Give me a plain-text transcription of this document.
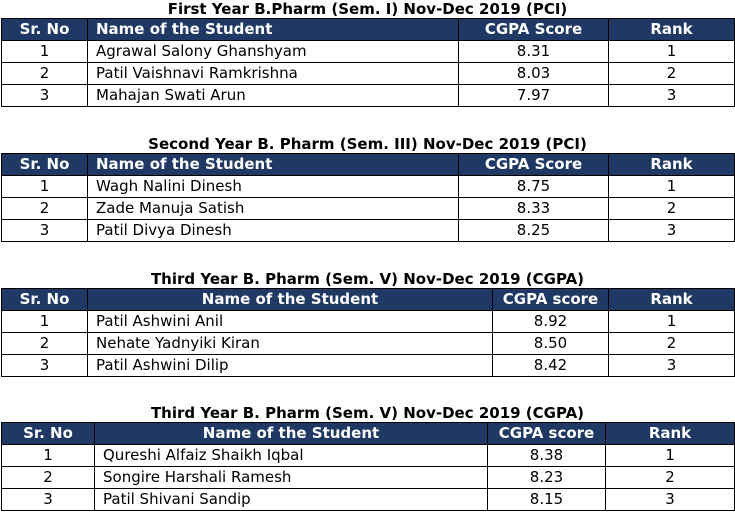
First Year B.Pharm (Sem. I) Nov-Dec 2019 (PCI)
Sr. No	Name of the Student	CGPA Score	Rank
1	Agrawal Salony Ghanshyam	8.31	1
2	Patil Vaishnavi Ramkrishna	8.03	2
3	Mahajan Swati Arun	7.97	3
Second Year B. Pharm (Sem. III) Nov-Dec 2019 (PCI)
Sr. No	Name of the Student	CGPA Score	Rank
1	Wagh Nalini Dinesh	8.75	1
2	Zade Manuja Satish	8.33	2
3	Patil Divya Dinesh	8.25	3
Third Year B. Pharm (Sem. V) Nov-Dec 2019 (CGPA)
Sr. No	Name of the Student	CGPA score	Rank
1	Patil Ashwini Anil	8.92	1
2	Nehate Yadnyiki Kiran	8.50	2
3	Patil Ashwini Dilip	8.42	3
Third Year B. Pharm (Sem. V) Nov-Dec 2019 (CGPA)
Sr. No	Name of the Student	CGPA score	Rank
1	Qureshi Alfaiz Shaikh Iqbal	8.38	1
2	Songire Harshali Ramesh	8.23	2
3	Patil Shivani Sandip	8.15	3
